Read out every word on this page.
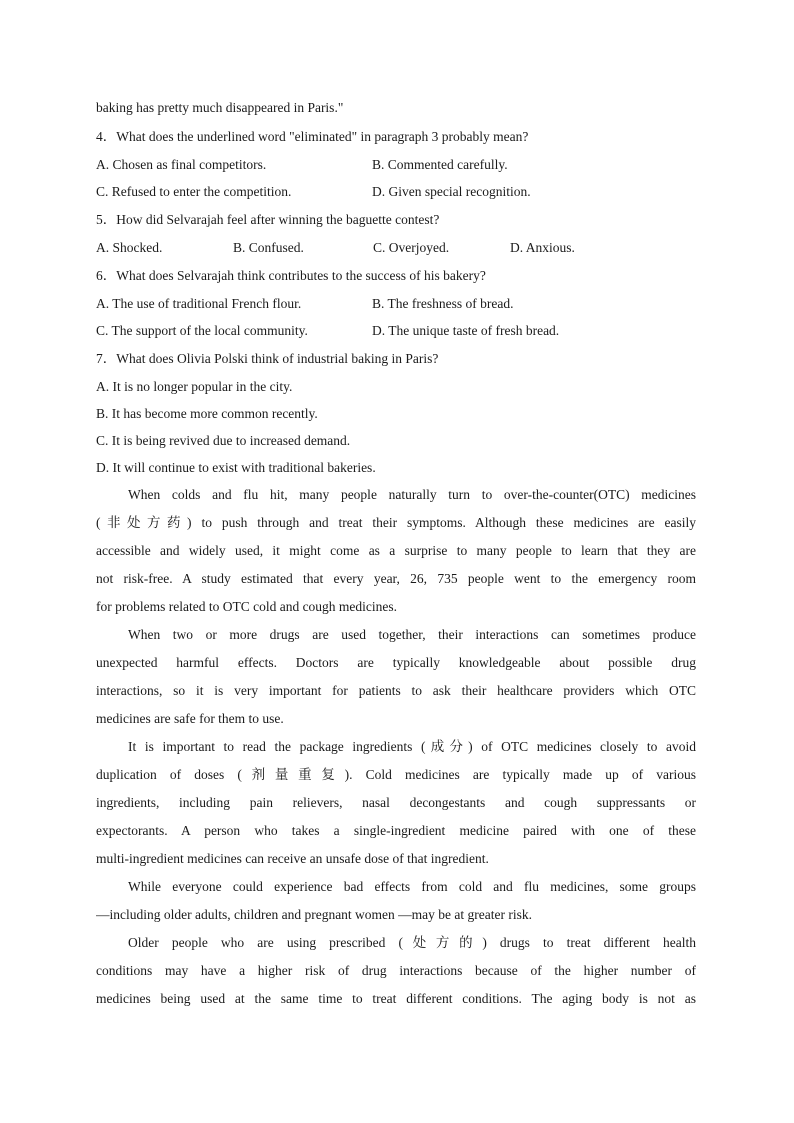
baking has pretty much disappeared in Paris."
4．What does the underlined word "eliminated" in paragraph 3 probably mean?
A. Chosen as final competitors.	B. Commented carefully.
C. Refused to enter the competition.	D. Given special recognition.
5．How did Selvarajah feel after winning the baguette contest?
A. Shocked.	B. Confused.	C. Overjoyed.	D. Anxious.
6．What does Selvarajah think contributes to the success of his bakery?
A. The use of traditional French flour.	B. The freshness of bread.
C. The support of the local community.	D. The unique taste of fresh bread.
7．What does Olivia Polski think of industrial baking in Paris?
A. It is no longer popular in the city.
B. It has become more common recently.
C. It is being revived due to increased demand.
D. It will continue to exist with traditional bakeries.
When colds and flu hit, many people naturally turn to over-the-counter(OTC) medicines
(非处方药) to push through and treat their symptoms. Although these medicines are easily
accessible and widely used, it might come as a surprise to many people to learn that they are
not risk-free. A study estimated that every year, 26, 735 people went to the emergency room
for problems related to OTC cold and cough medicines.
When two or more drugs are used together, their interactions can sometimes produce
unexpected harmful effects. Doctors are typically knowledgeable about possible drug
interactions, so it is very important for patients to ask their healthcare providers which OTC
medicines are safe for them to use.
It is important to read the package ingredients (成分) of OTC medicines closely to avoid
duplication of doses (剂量重复). Cold medicines are typically made up of various
ingredients, including pain relievers, nasal decongestants and cough suppressants or
expectorants. A person who takes a single-ingredient medicine paired with one of these
multi-ingredient medicines can receive an unsafe dose of that ingredient.
While everyone could experience bad effects from cold and flu medicines, some groups
—including older adults, children and pregnant women —may be at greater risk.
Older people who are using prescribed (处方的) drugs to treat different health
conditions may have a higher risk of drug interactions because of the higher number of
medicines being used at the same time to treat different conditions. The aging body is not as
